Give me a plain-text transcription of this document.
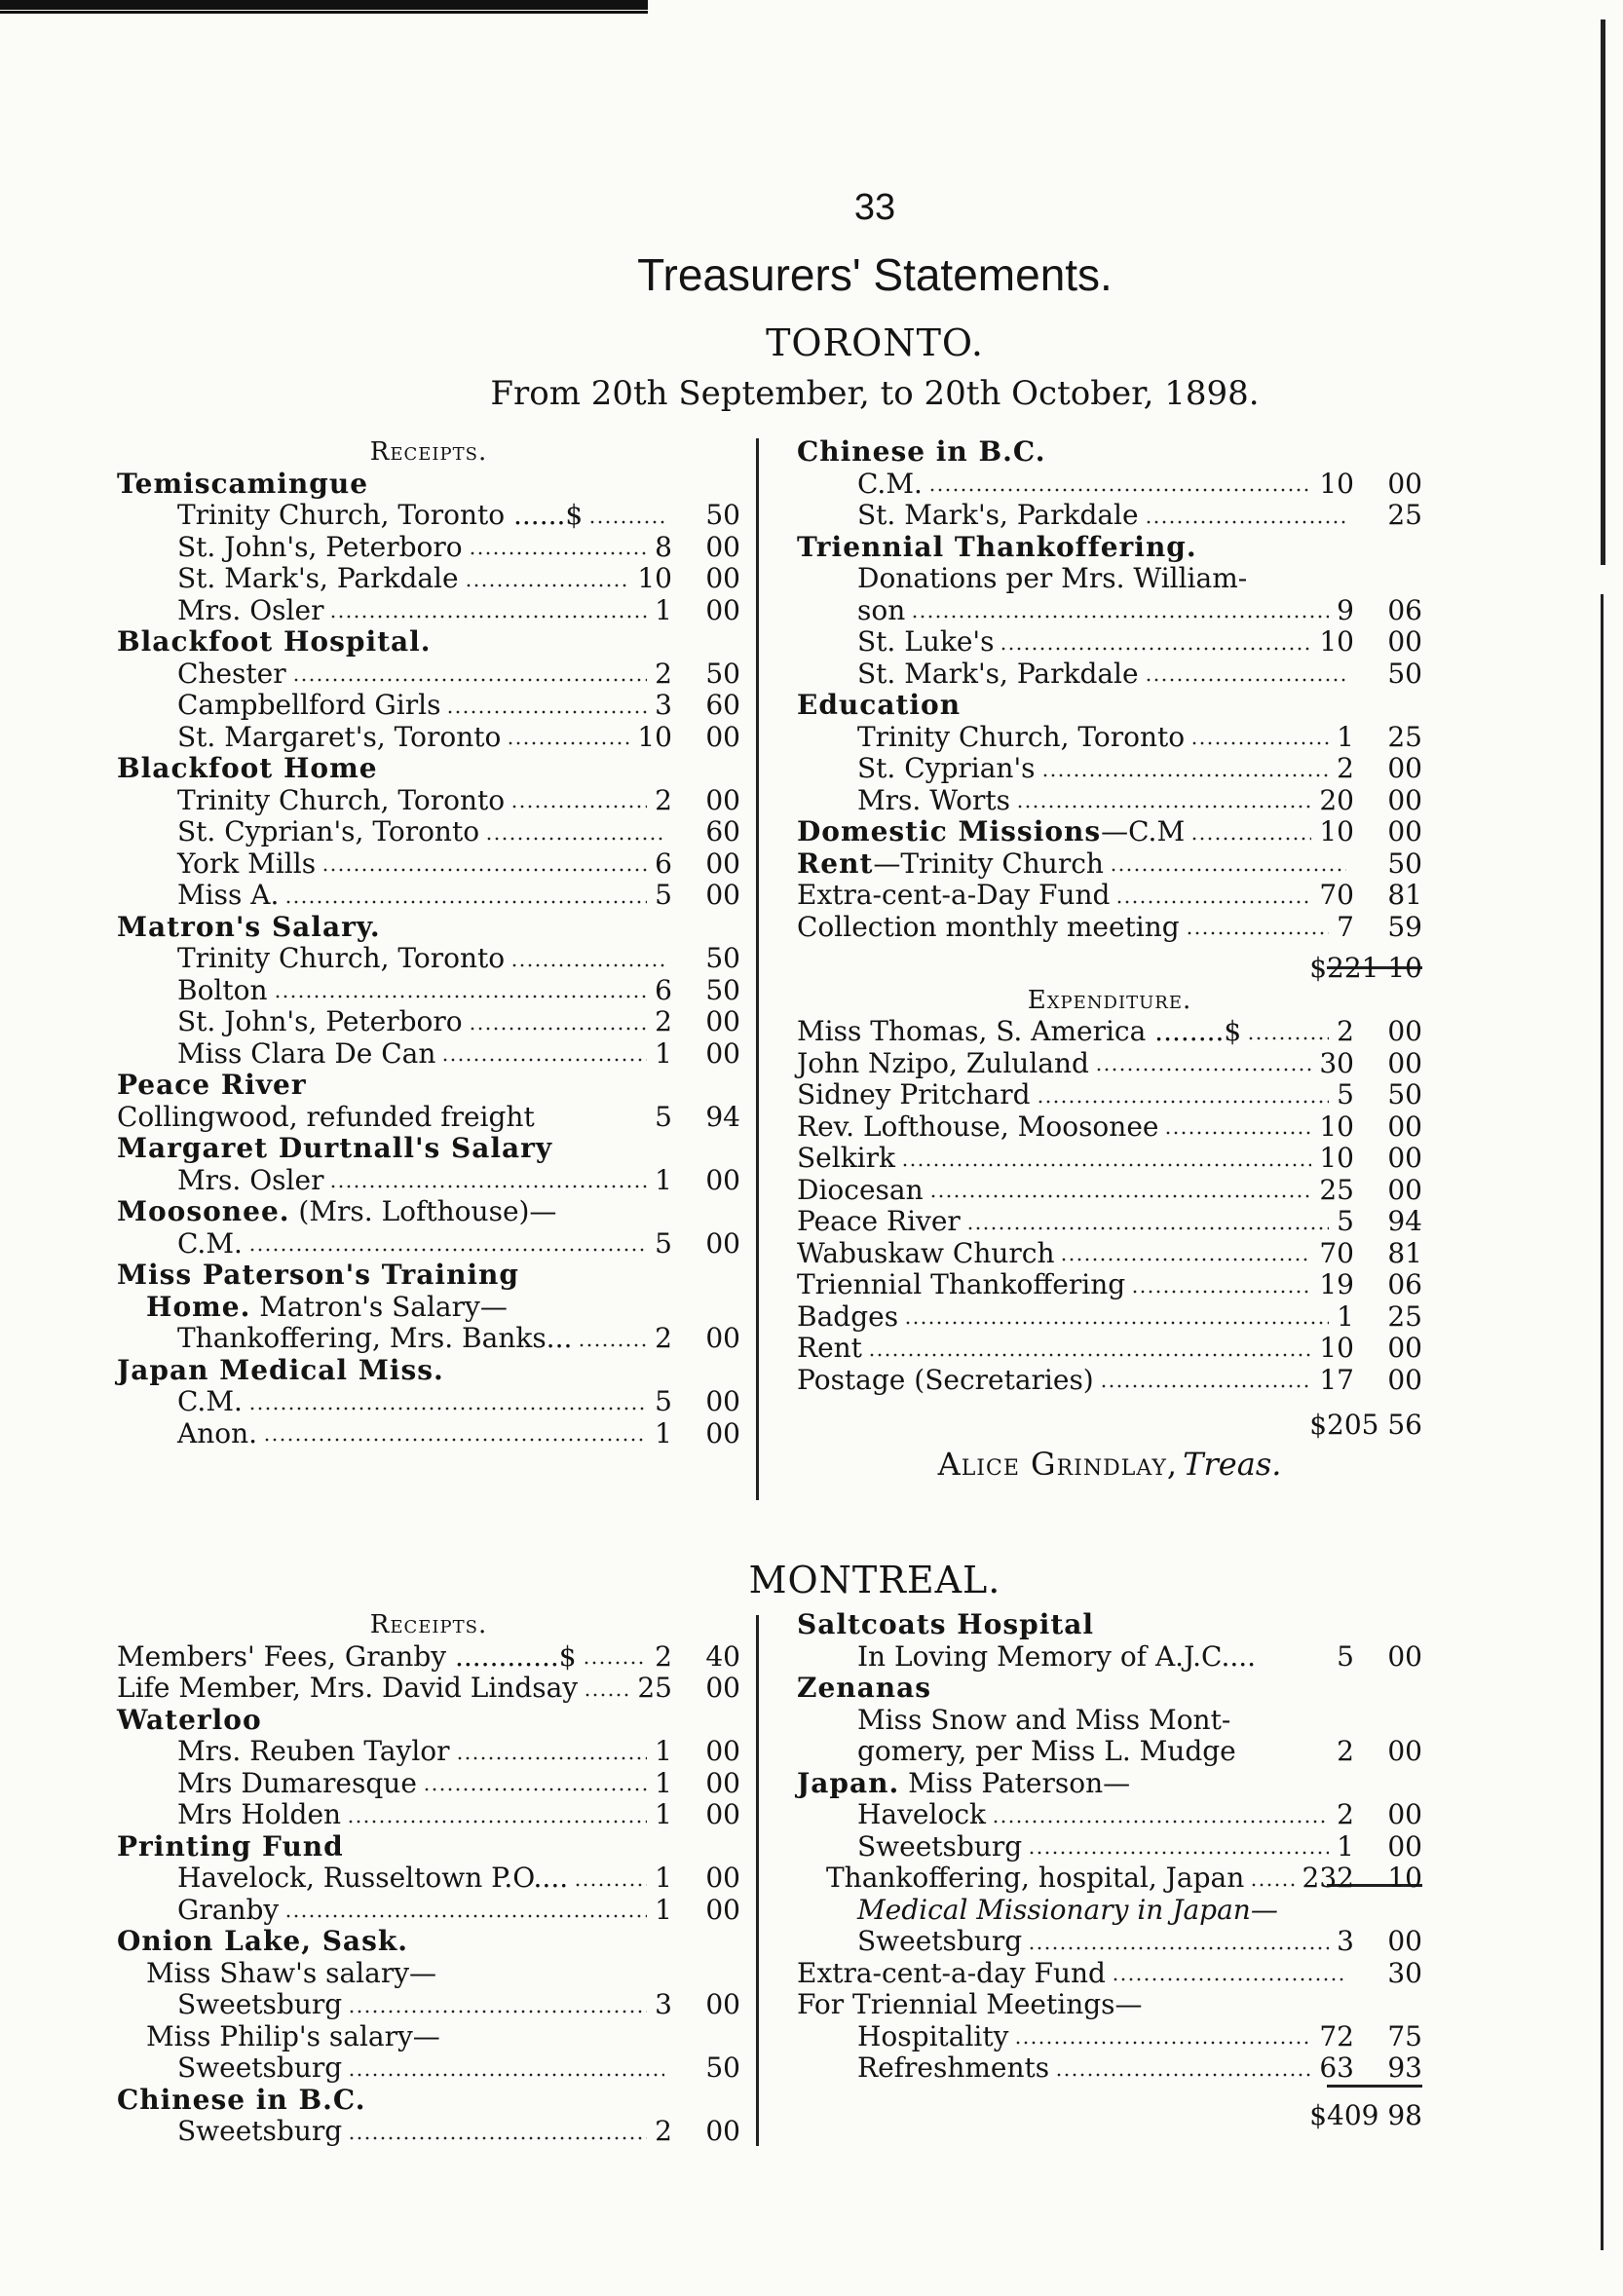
33
Treasurers' Statements.
TORONTO.
From 20th September, to 20th October, 1898.
Receipts.
Temiscamingue
Trinity Church, Toronto ......$	50
St. John's, Peterboro	8	00
St. Mark's, Parkdale	10	00
Mrs. Osler	1	00
Blackfoot Hospital.
Chester	2	50
Campbellford Girls	3	60
St. Margaret's, Toronto	10	00
Blackfoot Home
Trinity Church, Toronto	2	00
St. Cyprian's, Toronto	60
York Mills	6	00
Miss A.	5	00
Matron's Salary.
Trinity Church, Toronto	50
Bolton	6	50
St. John's, Peterboro	2	00
Miss Clara De Can	1	00
Peace River
Collingwood, refunded freight	5	94
Margaret Durtnall's Salary
Mrs. Osler	1	00
Moosonee. (Mrs. Lofthouse)—
C.M.	5	00
Miss Paterson's Training
Home. Matron's Salary—
Thankoffering, Mrs. Banks...	2	00
Japan Medical Miss.
C.M.	5	00
Anon.	1	00
Chinese in B.C.
C.M.	10	00
St. Mark's, Parkdale	25
Triennial Thankoffering.
Donations per Mrs. William-
son	9	06
St. Luke's	10	00
St. Mark's, Parkdale	50
Education
Trinity Church, Toronto	1	25
St. Cyprian's	2	00
Mrs. Worts	20	00
Domestic Missions—C.M	10	00
Rent—Trinity Church	50
Extra-cent-a-Day Fund	70	81
Collection monthly meeting	7	59
$221 10
Expenditure.
Miss Thomas, S. America ........$	2	00
John Nzipo, Zululand	30	00
Sidney Pritchard	5	50
Rev. Lofthouse, Moosonee	10	00
Selkirk	10	00
Diocesan	25	00
Peace River	5	94
Wabuskaw Church	70	81
Triennial Thankoffering	19	06
Badges	1	25
Rent	10	00
Postage (Secretaries)	17	00
$205 56
Alice Grindlay, Treas.
MONTREAL.
Receipts.
Members' Fees, Granby ............$	2	40
Life Member, Mrs. David Lindsay 25	00
Waterloo
Mrs. Reuben Taylor	1	00
Mrs Dumaresque	1	00
Mrs Holden	1	00
Printing Fund
Havelock, Russeltown P.O....	1	00
Granby	1	00
Onion Lake, Sask.
Miss Shaw's salary—
Sweetsburg	3	00
Miss Philip's salary—
Sweetsburg	50
Chinese in B.C.
Sweetsburg	2	00
Saltcoats Hospital
In Loving Memory of A.J.C....	5	00
Zenanas
Miss Snow and Miss Mont-
gomery, per Miss L. Mudge	2	00
Japan. Miss Paterson—
Havelock	2	00
Sweetsburg	1	00
Thankoffering, hospital, Japan 232	10
Medical Missionary in Japan—
Sweetsburg	3	00
Extra-cent-a-day Fund	30
For Triennial Meetings—
Hospitality	72	75
Refreshments	63	93
$409 98
